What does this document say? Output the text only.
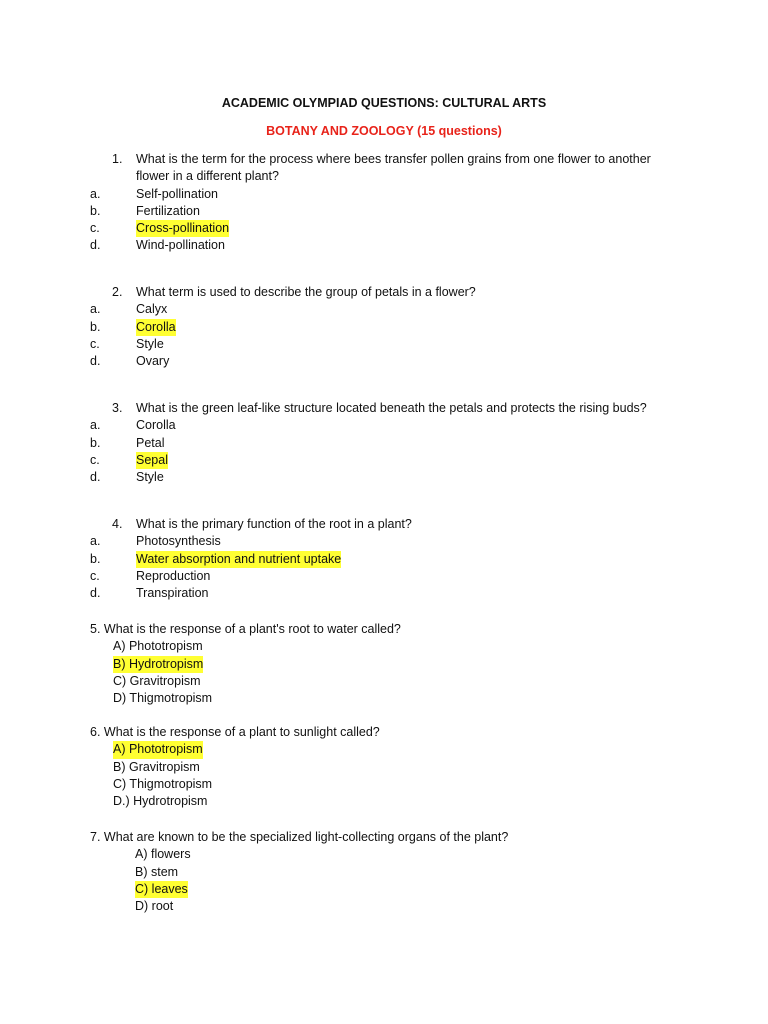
ACADEMIC OLYMPIAD QUESTIONS: CULTURAL ARTS
BOTANY AND ZOOLOGY (15 questions)
1. What is the term for the process where bees transfer pollen grains from one flower to another
flower in a different plant?
a.	Self-pollination
b.	Fertilization
c.	Cross-pollination
d.	Wind-pollination
2. What term is used to describe the group of petals in a flower?
a.	Calyx
b.	Corolla
c.	Style
d.	Ovary
3. What is the green leaf-like structure located beneath the petals and protects the rising buds?
a.	Corolla
b.	Petal
c.	Sepal
d.	Style
4. What is the primary function of the root in a plant?
a.	Photosynthesis
b.	Water absorption and nutrient uptake
c.	Reproduction
d.	Transpiration
5. What is the response of a plant's root to water called?
A) Phototropism
B) Hydrotropism
C) Gravitropism
D) Thigmotropism
6. What is the response of a plant to sunlight called?
A) Phototropism
B) Gravitropism
C) Thigmotropism
D.) Hydrotropism
7. What are known to be the specialized light-collecting organs of the plant?
A) flowers
B) stem
C) leaves
D) root
